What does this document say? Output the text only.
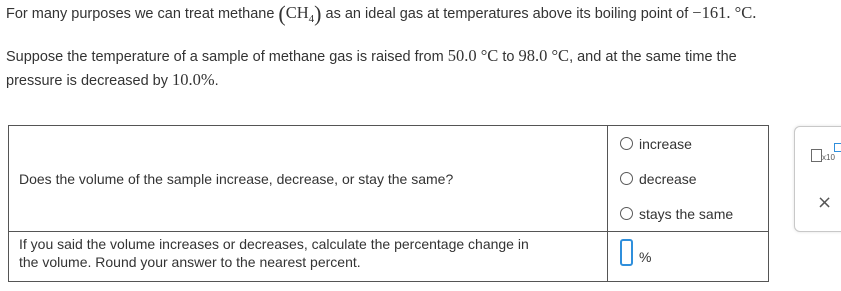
For many purposes we can treat methane $(CH_4)$ as an ideal gas at temperatures above its boiling point of −161. °C.
Suppose the temperature of a sample of methane gas is raised from 50.0 °C to 98.0 °C, and at the same time the
pressure is decreased by 10.0%.
Does the volume of the sample increase, decrease, or stay the same?	increase
decrease
stays the same

If you said the volume increases or decreases, calculate the percentage change in
the volume. Round your answer to the nearest percent.	%
x10
×
